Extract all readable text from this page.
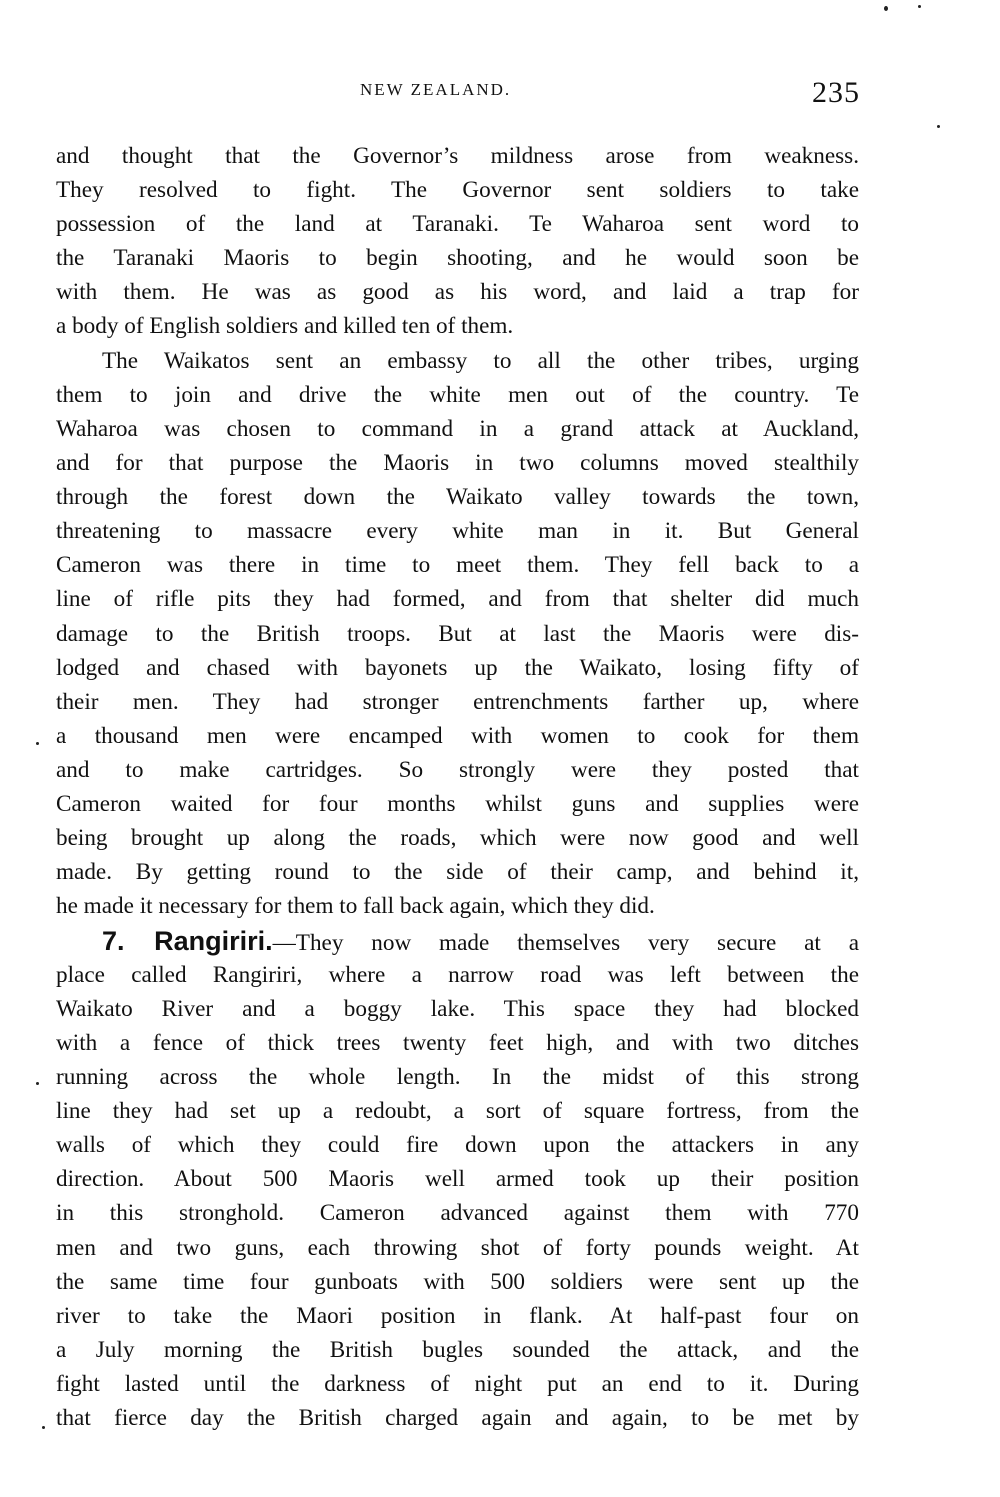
NEW ZEALAND.	235
and thought that the Governor’s mildness arose from weakness.
They resolved to fight. The Governor sent soldiers to take
possession of the land at Taranaki. Te Waharoa sent word to
the Taranaki Maoris to begin shooting, and he would soon be
with them. He was as good as his word, and laid a trap for
a body of English soldiers and killed ten of them.
The Waikatos sent an embassy to all the other tribes, urging
them to join and drive the white men out of the country. Te
Waharoa was chosen to command in a grand attack at Auckland,
and for that purpose the Maoris in two columns moved stealthily
through the forest down the Waikato valley towards the town,
threatening to massacre every white man in it. But General
Cameron was there in time to meet them. They fell back to a
line of rifle pits they had formed, and from that shelter did much
damage to the British troops. But at last the Maoris were dis-
lodged and chased with bayonets up the Waikato, losing fifty of
their men. They had stronger entrenchments farther up, where
a thousand men were encamped with women to cook for them
and to make cartridges. So strongly were they posted that
Cameron waited for four months whilst guns and supplies were
being brought up along the roads, which were now good and well
made. By getting round to the side of their camp, and behind it,
he made it necessary for them to fall back again, which they did.
7. Rangiriri.—They now made themselves very secure at a
place called Rangiriri, where a narrow road was left between the
Waikato River and a boggy lake. This space they had blocked
with a fence of thick trees twenty feet high, and with two ditches
running across the whole length. In the midst of this strong
line they had set up a redoubt, a sort of square fortress, from the
walls of which they could fire down upon the attackers in any
direction. About 500 Maoris well armed took up their position
in this stronghold. Cameron advanced against them with 770
men and two guns, each throwing shot of forty pounds weight. At
the same time four gunboats with 500 soldiers were sent up the
river to take the Maori position in flank. At half-past four on
a July morning the British bugles sounded the attack, and the
fight lasted until the darkness of night put an end to it. During
that fierce day the British charged again and again, to be met by
